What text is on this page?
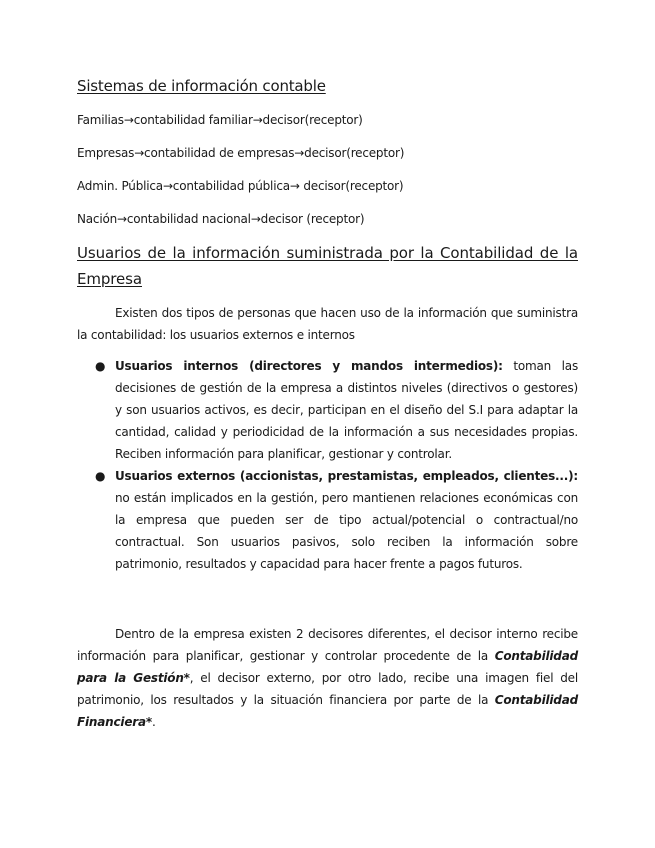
Sistemas de información contable
Familias→contabilidad familiar→decisor(receptor)
Empresas→contabilidad de empresas→decisor(receptor)
Admin. Pública→contabilidad pública→ decisor(receptor)
Nación→contabilidad nacional→decisor (receptor)
Usuarios de la información suministrada por la Contabilidad de la Empresa

Existen dos tipos de personas que hacen uso de la información que suministra la contabilidad: los usuarios externos e internos

● Usuarios internos (directores y mandos intermedios): toman las decisiones de gestión de la empresa a distintos niveles (directivos o gestores) y son usuarios activos, es decir, participan en el diseño del S.I para adaptar la cantidad, calidad y periodicidad de la información a sus necesidades propias. Reciben información para planificar, gestionar y controlar.
● Usuarios externos (accionistas, prestamistas, empleados, clientes...): no están implicados en la gestión, pero mantienen relaciones económicas con la empresa que pueden ser de tipo actual/potencial o contractual/no contractual. Son usuarios pasivos, solo reciben la información sobre patrimonio, resultados y capacidad para hacer frente a pagos futuros.

Dentro de la empresa existen 2 decisores diferentes, el decisor interno recibe información para planificar, gestionar y controlar procedente de la Contabilidad para la Gestión*, el decisor externo, por otro lado, recibe una imagen fiel del patrimonio, los resultados y la situación financiera por parte de la Contabilidad Financiera*.
